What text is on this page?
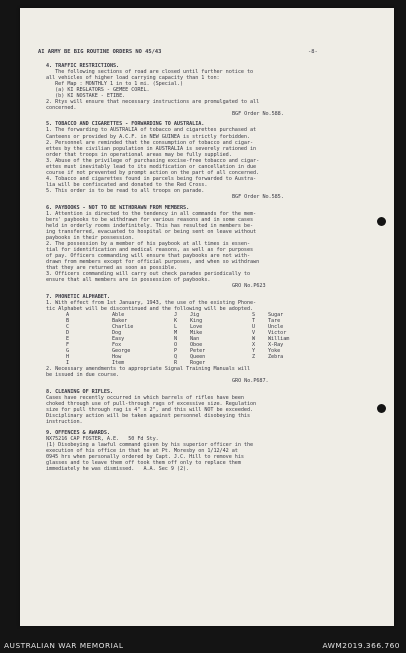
AI ARMY BE BIG ROUTINE ORDERS NO 45/43	-8-
4. TRAFFIC RESTRICTIONS.
The following sections of road are closed until further notice to
all vehicles of higher load carrying capacity than 1 ton:
Ref Map : MONTHLY 1 in to 1 mi. (Special.)
(a) KI REGLATORS - GEMEE COREL.
(b) KI NOSTAKE - ETIBE.
2. Rtys will ensure that necessary instructions are promulgated to all
concerned.
BGF Order No.588.
5. TOBACCO AND CIGARETTES - FORWARDING TO AUSTRALIA.
1. The forwarding to AUSTRALIA of tobacco and cigarettes purchased at
Canteens or provided by A.C.F. in NEW GUINEA is strictly forbidden.
2. Personnel are reminded that the consumption of tobacco and cigar-
ettes by the civilian population in AUSTRALIA is severely rationed in
order that troops in operational areas may be fully supplied.
3. Abuse of the privilege of purchasing excise-free tobacco and cigar-
ettes must inevitably lead to its modification or cancellation in due
course if not prevented by prompt action on the part of all concerned.
4. Tobacco and cigarettes found in parcels being forwarded to Austra-
lia will be confiscated and donated to the Red Cross.
5. This order is to be read to all troops on parade.
BGF Order No.585.
6. PAYBOOKS - NOT TO BE WITHDRAWN FROM MEMBERS.
1. Attention is directed to the tendency in all commands for the mem-
bers' paybooks to be withdrawn for various reasons and in some cases
held in orderly rooms indefinitely. This has resulted in members be-
ing transferred, evacuated to hospital or being sent on leave without
paybooks in their possession.
2. The possession by a member of his paybook at all times is essen-
tial for identification and medical reasons, as well as for purposes
of pay. Officers commanding will ensure that paybooks are not with-
drawn from members except for official purposes, and when so withdrawn
that they are returned as soon as possible.
3. Officers commanding will carry out check parades periodically to
ensure that all members are in possession of paybooks.
GRO No.P623
7. PHONETIC ALPHABET.
1. With effect from 1st January, 1943, the use of the existing Phone-
tic Alphabet will be discontinued and the following will be adopted.
A	Able	J	Jig	S	Sugar
B	Baker	K	King	T	Tare
C	Charlie	L	Love	U	Uncle
D	Dog	M	Mike	V	Victor
E	Easy	N	Nan	W	William
F	Fox	O	Oboe	X	X-Ray
G	George	P	Peter	Y	Yoke
H	How	Q	Queen	Z	Zebra
I	Item	R	Roger
2. Necessary amendments to appropriate Signal Training Manuals will
be issued in due course.
GRO No.P687.
8. CLEANING OF RIFLES.
Cases have recently occurred in which barrels of rifles have been
choked through use of pull-through rags of excessive size. Regulation
size for pull through rag is 4" x 2", and this will NOT be exceeded.
Disciplinary action will be taken against personnel disobeying this
instruction.
9. OFFENCES & AWARDS.
NX75216 CAP FOSTER, A.E.   50 Fd Sty.
(1) Disobeying a lawful command given by his superior officer in the
execution of his office in that he at Pt. Moresby on 1/12/42 at
0945 hrs when personally ordered by Capt. J.C. Hill to remove his
glasses and to leave them off took them off only to replace them
immediately he was dismissed.   A.A. Sec 9 (2).
AUSTRALIAN WAR MEMORIAL	AWM2019.366.760
